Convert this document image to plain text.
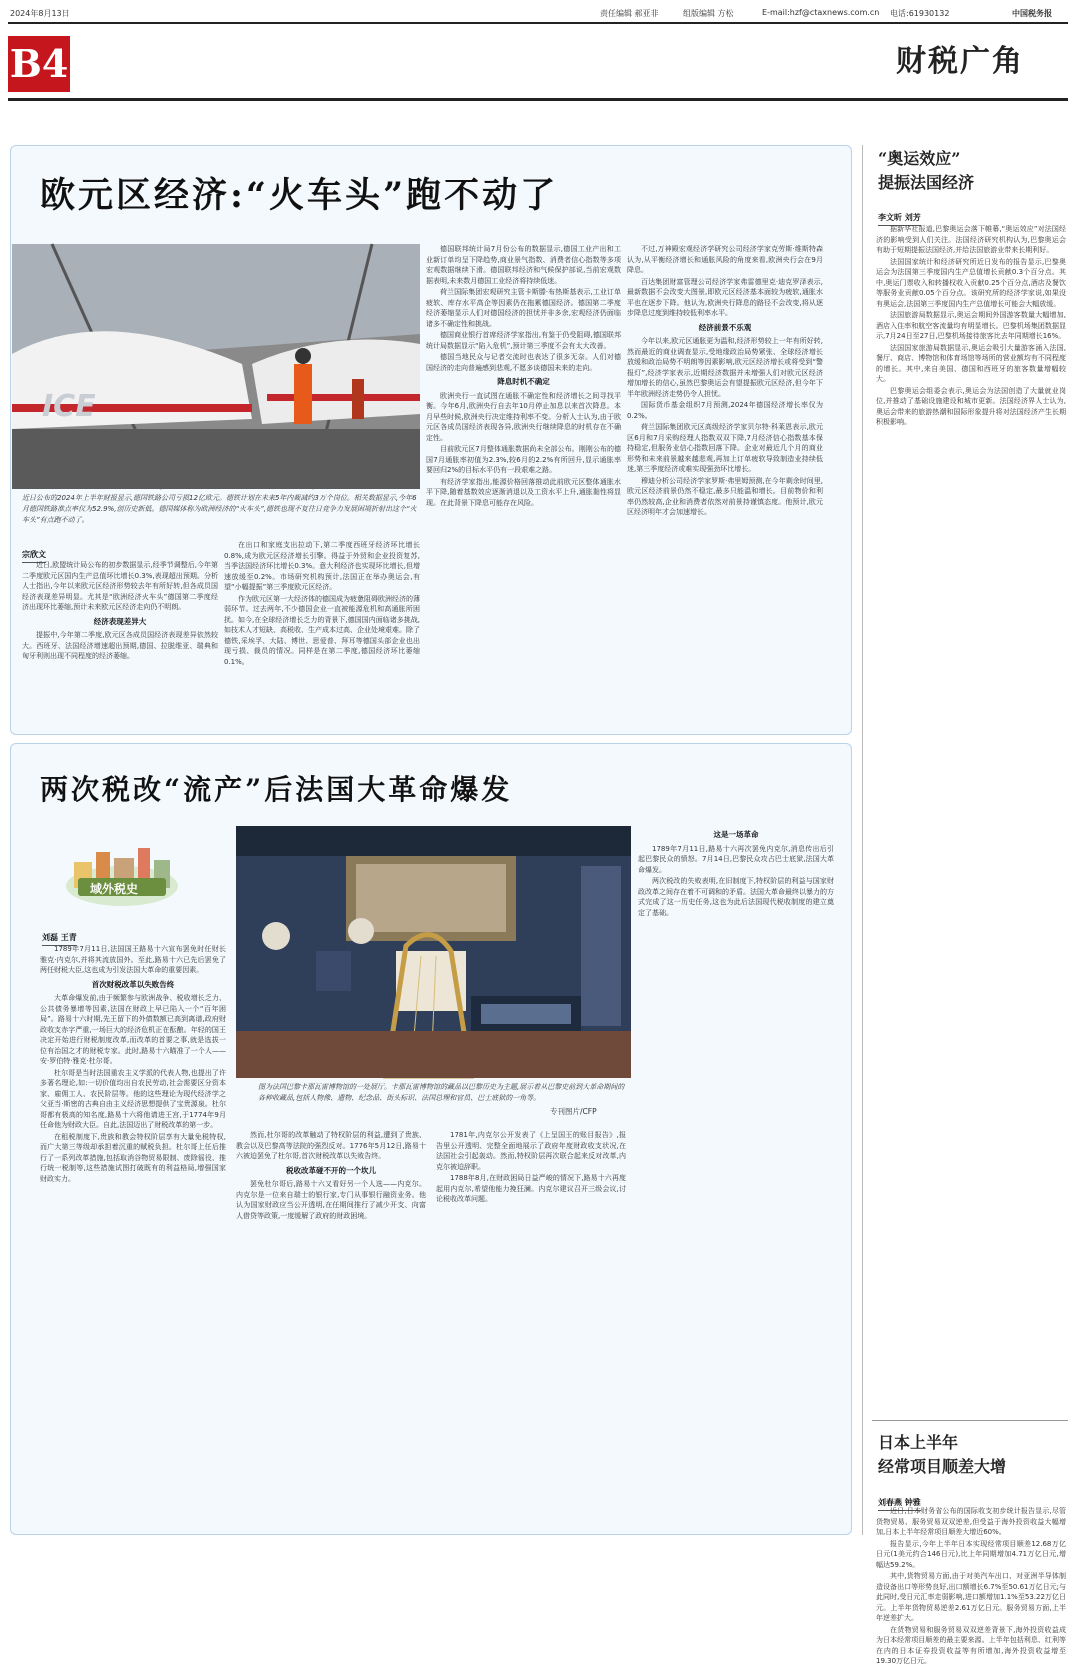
2024年8月13日	责任编辑 郝亚非	组版编辑 方松	E-mail:hzf@ctaxnews.com.cn 电话:61930132	中国税务报
B4	财税广角
欧元区经济:“火车头”跑不动了
ICE
近日公布的2024年上半年财报显示,德国铁路公司亏损12亿欧元。德铁计划在未来5年内裁减约3万个岗位。相关数据显示,今年6月德国铁路准点率仅为52.9%,创历史新低。德国媒体称为欧洲经济的“火车头”,德铁也现不复往日竞争力发展困境折射出这个“火车头”有点跑不动了。
宗欣文

近日,欧盟统计局公布的初步数据显示,经季节调整后,今年第二季度欧元区国内生产总值环比增长0.3%,表现超出预期。分析人士指出,今年以来欧元区经济形势较去年有所好转,但各成员国经济表现差异明显。尤其是“欧洲经济火车头”德国第二季度经济出现环比萎缩,预计未来欧元区经济走向仍不明朗。

经济表现差异大

提振中,今年第二季度,欧元区各成员国经济表现差异依然较大。西班牙、法国经济增速超出预期,德国、拉脱维亚、瑞典和匈牙利则出现不同程度的经济萎缩。

在出口和家庭支出拉动下,第二季度西班牙经济环比增长0.8%,成为欧元区经济增长引擎。得益于外贸和企业投资复苏,当季法国经济环比增长0.3%。意大利经济也实现环比增长,但增速放缓至0.2%。市场研究机构预计,法国正在举办奥运会,有望“小幅提振”第三季度欧元区经济。

作为欧元区第一大经济体的德国成为疲惫阻碍欧洲经济的薄弱环节。过去两年,不少德国企业一直被能源危机和高通胀所困扰。如今,在全球经济增长乏力的背景下,德国国内面临诸多挑战,如技术人才短缺、高税收、生产成本过高、企业处境艰难。除了德铁,采埃孚、大陆、博世、思爱普、拜耳等德国头部企业也出现亏损、裁员的情况。同样是在第二季度,德国经济环比萎缩0.1%。

德国联邦统计局7月份公布的数据显示,德国工业产出和工业新订单均呈下降趋势,商业景气指数、消费者信心指数等多项宏观数据继续下滑。德国联邦经济和气候保护部说,当前宏观数据表明,未来数月德国工业经济将持续低迷。

荷兰国际集团宏观研究主管卡斯滕·布热斯基表示,工业订单疲软、库存水平高企等因素仍在拖累德国经济。德国第二季度经济萎缩显示人们对德国经济的担忧并非多余,宏观经济仍面临诸多不确定性和挑战。

德国商业银行首席经济学家指出,有鉴于仍受阻碍,德国联邦统计局数据显示“陷入危机”,预计第三季度不会有太大改善。

德国当地民众与记者交流时也表达了很多无奈。人们对德国经济的走向普遍感到悲观,不愿多谈德国未来的走向。

降息时机不确定

欧洲央行一直试图在通胀不确定性和经济增长之间寻找平衡。今年6月,欧洲央行自去年10月停止加息以来首次降息。本月早些时候,欧洲央行决定维持利率不变。分析人士认为,由于欧元区各成员国经济表现各异,欧洲央行继续降息的时机存在不确定性。

目前欧元区7月整体通胀数据尚未全部公布。刚刚公布的德国7月通胀率初值为2.3%,较6月的2.2%有所回升,显示通胀率要回归2%的目标水平仍有一段艰难之路。

有经济学家指出,能源价格回落推动此前欧元区整体通胀水平下降,随着基数效应逐渐消退以及工资水平上升,通胀黏性将显现。在此背景下降息可能存在风险。

不过,万神殿宏观经济学研究公司经济学家克劳斯·维斯特森认为,从平衡经济增长和通胀风险的角度来看,欧洲央行会在9月降息。

百达集团财富管理公司经济学家弗雷德里克·迪克罗泽表示,最新数据不会改变大图景,即欧元区经济基本面较为疲软,通胀水平也在逐步下降。他认为,欧洲央行降息的路径不会改变,将从逐步降息过度到维持较低利率水平。

经济前景不乐观

今年以来,欧元区通胀更为温和,经济形势较上一年有所好转,然而最近的商业调查显示,受地缘政治局势紧张、全球经济增长放缓和政治局势不明朗等因素影响,欧元区经济增长或将受到“警报灯”,经济学家表示,近期经济数据并未增强人们对欧元区经济增加增长的信心,虽然巴黎奥运会有望提振欧元区经济,但今年下半年欧洲经济走势仍令人担忧。

国际货币基金组织7月预测,2024年德国经济增长率仅为0.2%。

荷兰国际集团欧元区高级经济学家贝尔特·科莱恩表示,欧元区6月和7月采购经理人指数双双下降,7月经济信心指数基本保持稳定,但服务业信心指数回落下降。企业对最近几个月的商业形势和未来前景越来越悲观,再加上订单疲软导致制造业持续低迷,第三季度经济或难实现强劲环比增长。

穆迪分析公司经济学家罗斯·弗里姆预测,在今年剩余时间里,欧元区经济前景仍然不稳定,最多只能温和增长。目前物价和利率仍然较高,企业和消费者依然对前景持谨慎态度。他预计,欧元区经济明年才会加速增长。

两次税改“流产”后法国大革命爆发
域外税史
刘磊 王青

1789年7月11日,法国国王路易十六宣布罢免时任财长雅克·内克尔,并将其流放国外。至此,路易十六已先后罢免了两任财税大臣,这也成为引发法国大革命的重要因素。

首次财税改革以失败告终

大革命爆发前,由于频繁参与欧洲战争、税收增长乏力、公共债务暴增等因素,法国在财政上早已陷入一个“百年困局”。路易十六时期,先王留下的外债数额已高到离谱,政府财政收支赤字严重,一场巨大的经济危机正在酝酿。年轻的国王决定开始进行财税制度改革,而改革的首要之事,就是选拔一位有治国之才的财税专家。此时,路易十六瞄准了一个人——安·罗伯特·雅克·杜尔哥。

杜尔哥是当时法国重农主义学派的代表人物,也提出了许多著名理论,如:一切价值均出自农民劳动,社会需要区分资本家、雇佣工人、农民阶层等。他的这些理论为现代经济学之父亚当·斯密的古典自由主义经济思想提供了宝贵源泉。杜尔哥都有极高的知名度,路易十六将他请进王宫,于1774年9月任命他为财政大臣。自此,法国迈出了财税改革的第一步。

在租税制度下,贵族和教会特权阶层享有大量免税特权,而广大第三等级却承担着沉重的赋税负担。杜尔哥上任后推行了一系列改革措施,包括取消谷物贸易限制、废除徭役、推行统一税制等,这些措施试图打破既有的利益格局,增强国家财政实力。

图为法国巴黎卡那瓦雷博物馆的一处展厅。卡那瓦雷博物馆的藏品以巴黎历史为主题,展示着从巴黎史前到大革命期间的各种收藏品,包括人物像、遗物、纪念品、街头标识、法国总理和官员、巴士底狱的一角等。
专刊图片/CFP

然而,杜尔哥的改革触动了特权阶层的利益,遭到了贵族、教会以及巴黎高等法院的强烈反对。1776年5月12日,路易十六被迫罢免了杜尔哥,首次财税改革以失败告终。

税收改革碰不开的一个坎儿

罢免杜尔哥后,路易十六又看好另一个人选——内克尔。内克尔是一位来自瑞士的银行家,专门从事银行融资业务。他认为国家财政应当公开透明,在任期间推行了减少开支、向富人借贷等政策,一度缓解了政府的财政困境。

1781年,内克尔公开发表了《上呈国王的账目报告》,报告里公开透明、完整全面地展示了政府年度财政收支状况,在法国社会引起轰动。然而,特权阶层再次联合起来反对改革,内克尔被迫辞职。

1788年8月,在财政困局日益严峻的情况下,路易十六再度起用内克尔,希望他能力挽狂澜。内克尔建议召开三级会议,讨论税收改革问题。

这是一场革命

1789年7月11日,路易十六再次罢免内克尔,消息传出后引起巴黎民众的愤怒。7月14日,巴黎民众攻占巴士底狱,法国大革命爆发。

两次税改的失败表明,在旧制度下,特权阶层的利益与国家财政改革之间存在着不可调和的矛盾。法国大革命最终以暴力的方式完成了这一历史任务,这也为此后法国现代税收制度的建立奠定了基础。

“奥运效应”
提振法国经济
李文昕 刘芳

据新华社报道,巴黎奥运会落下帷幕,“奥运效应”对法国经济的影响受到人们关注。法国经济研究机构认为,巴黎奥运会有助于短期提振法国经济,并给法国旅游业带来长期利好。

法国国家统计和经济研究所近日发布的报告显示,巴黎奥运会为法国第三季度国内生产总值增长贡献0.3个百分点。其中,奥运门票收入和转播权收入贡献0.25个百分点,酒店及餐饮等服务业贡献0.05个百分点。该研究所的经济学家说,如果没有奥运会,法国第三季度国内生产总值增长可能会大幅放缓。

法国旅游局数据显示,奥运会期间外国游客数量大幅增加,酒店入住率和航空客流量均有明显增长。巴黎机场集团数据显示,7月24日至27日,巴黎机场接待旅客比去年同期增长16%。

法国国家旅游局数据显示,奥运会吸引大量游客涌入法国,餐厅、商店、博物馆和体育场馆等场所的营业额均有不同程度的增长。其中,来自美国、德国和西班牙的旅客数量增幅较大。

巴黎奥运会组委会表示,奥运会为法国创造了大量就业岗位,并推动了基础设施建设和城市更新。法国经济界人士认为,奥运会带来的旅游热潮和国际形象提升将对法国经济产生长期积极影响。

日本上半年
经常项目顺差大增
刘春燕 钟雅

近日,日本财务省公布的国际收支初步统计报告显示,尽管货物贸易、服务贸易双双逆差,但受益于海外投资收益大幅增加,日本上半年经常项目顺差大增近60%。

报告显示,今年上半年日本实现经常项目顺差12.68万亿日元(1美元约合146日元),比上年同期增加4.71万亿日元,增幅达59.2%。

其中,货物贸易方面,由于对美汽车出口、对亚洲半导体制造设备出口等形势良好,出口额增长6.7%至50.61万亿日元;与此同时,受日元汇率走弱影响,进口额增加1.1%至53.22万亿日元。上半年货物贸易逆差2.61万亿日元。服务贸易方面,上半年逆差扩大。

在货物贸易和服务贸易双双逆差背景下,海外投资收益成为日本经常项目顺差的最主要来源。上半年包括利息、红利等在内的日本证券投资收益等有所增加,海外投资收益增至19.30万亿日元。
